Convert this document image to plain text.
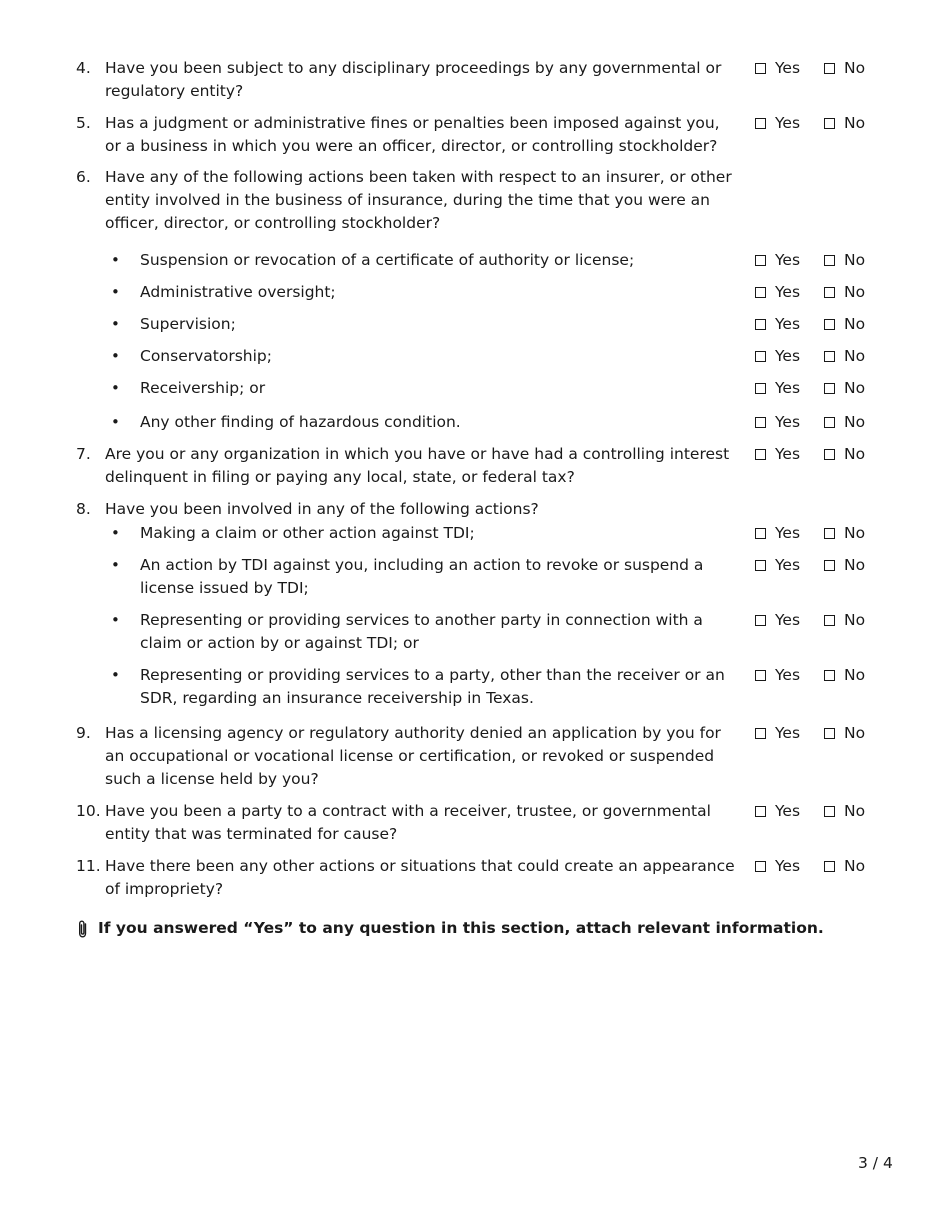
4. Have you been subject to any disciplinary proceedings by any governmental or regulatory entity?
Yes	No
5. Has a judgment or administrative fines or penalties been imposed against you, or a business in which you were an officer, director, or controlling stockholder?
Yes	No
6. Have any of the following actions been taken with respect to an insurer, or other entity involved in the business of insurance, during the time that you were an officer, director, or controlling stockholder?
•	Suspension or revocation of a certificate of authority or license;	Yes	No
•	Administrative oversight;	Yes	No
•	Supervision;	Yes	No
•	Conservatorship;	Yes	No
•	Receivership; or	Yes	No
•	Any other finding of hazardous condition.	Yes	No
7. Are you or any organization in which you have or have had a controlling interest delinquent in filing or paying any local, state, or federal tax?
Yes	No
8. Have you been involved in any of the following actions?
•	Making a claim or other action against TDI;	Yes	No
•	An action by TDI against you, including an action to revoke or suspend a license issued by TDI;
Yes	No
•	Representing or providing services to another party in connection with a claim or action by or against TDI; or
Yes	No
•	Representing or providing services to a party, other than the receiver or an SDR, regarding an insurance receivership in Texas.
Yes	No
9. Has a licensing agency or regulatory authority denied an application by you for an occupational or vocational license or certification, or revoked or suspended such a license held by you?
Yes	No
10. Have you been a party to a contract with a receiver, trustee, or governmental entity that was terminated for cause?
Yes	No
11. Have there been any other actions or situations that could create an appearance of impropriety?
Yes	No
If you answered “Yes” to any question in this section, attach relevant information.
3 / 4
